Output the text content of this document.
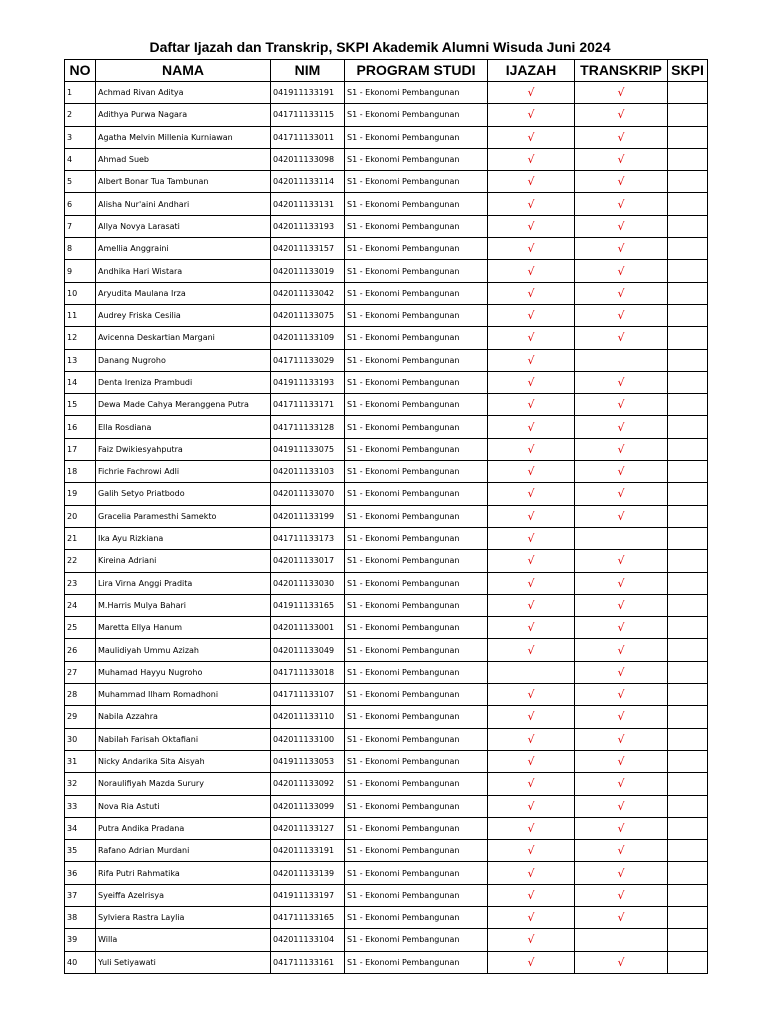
Daftar Ijazah dan Transkrip, SKPI Akademik Alumni Wisuda Juni 2024
NO	NAMA	NIM	PROGRAM STUDI	IJAZAH	TRANSKRIP	SKPI
1	Achmad Rivan Aditya	041911133191	S1 - Ekonomi Pembangunan	√	√	
2	Adithya Purwa Nagara	041711133115	S1 - Ekonomi Pembangunan	√	√	
3	Agatha Melvin Millenia Kurniawan	041711133011	S1 - Ekonomi Pembangunan	√	√	
4	Ahmad Sueb	042011133098	S1 - Ekonomi Pembangunan	√	√	
5	Albert Bonar Tua Tambunan	042011133114	S1 - Ekonomi Pembangunan	√	√	
6	Alisha Nur'aini Andhari	042011133131	S1 - Ekonomi Pembangunan	√	√	
7	Allya Novya Larasati	042011133193	S1 - Ekonomi Pembangunan	√	√	
8	Amellia Anggraini	042011133157	S1 - Ekonomi Pembangunan	√	√	
9	Andhika Hari Wistara	042011133019	S1 - Ekonomi Pembangunan	√	√	
10	Aryudita Maulana Irza	042011133042	S1 - Ekonomi Pembangunan	√	√	
11	Audrey Friska Cesilia	042011133075	S1 - Ekonomi Pembangunan	√	√	
12	Avicenna Deskartian Margani	042011133109	S1 - Ekonomi Pembangunan	√	√	
13	Danang Nugroho	041711133029	S1 - Ekonomi Pembangunan	√		
14	Denta Ireniza Prambudi	041911133193	S1 - Ekonomi Pembangunan	√	√	
15	Dewa Made Cahya Meranggena Putra	041711133171	S1 - Ekonomi Pembangunan	√	√	
16	Ella Rosdiana	041711133128	S1 - Ekonomi Pembangunan	√	√	
17	Faiz Dwikiesyahputra	041911133075	S1 - Ekonomi Pembangunan	√	√	
18	Fichrie Fachrowi Adli	042011133103	S1 - Ekonomi Pembangunan	√	√	
19	Galih Setyo Priatbodo	042011133070	S1 - Ekonomi Pembangunan	√	√	
20	Gracelia Paramesthi Samekto	042011133199	S1 - Ekonomi Pembangunan	√	√	
21	Ika Ayu Rizkiana	041711133173	S1 - Ekonomi Pembangunan	√		
22	Kireina Adriani	042011133017	S1 - Ekonomi Pembangunan	√	√	
23	Lira Virna Anggi Pradita	042011133030	S1 - Ekonomi Pembangunan	√	√	
24	M.Harris Mulya Bahari	041911133165	S1 - Ekonomi Pembangunan	√	√	
25	Maretta Ellya Hanum	042011133001	S1 - Ekonomi Pembangunan	√	√	
26	Maulidiyah Ummu Azizah	042011133049	S1 - Ekonomi Pembangunan	√	√	
27	Muhamad Hayyu Nugroho	041711133018	S1 - Ekonomi Pembangunan		√	
28	Muhammad Ilham Romadhoni	041711133107	S1 - Ekonomi Pembangunan	√	√	
29	Nabila Azzahra	042011133110	S1 - Ekonomi Pembangunan	√	√	
30	Nabilah Farisah Oktafiani	042011133100	S1 - Ekonomi Pembangunan	√	√	
31	Nicky Andarika Sita Aisyah	041911133053	S1 - Ekonomi Pembangunan	√	√	
32	Noraulifiyah Mazda Surury	042011133092	S1 - Ekonomi Pembangunan	√	√	
33	Nova Ria Astuti	042011133099	S1 - Ekonomi Pembangunan	√	√	
34	Putra Andika Pradana	042011133127	S1 - Ekonomi Pembangunan	√	√	
35	Rafano Adrian Murdani	042011133191	S1 - Ekonomi Pembangunan	√	√	
36	Rifa Putri Rahmatika	042011133139	S1 - Ekonomi Pembangunan	√	√	
37	Syeiffa Azelrisya	041911133197	S1 - Ekonomi Pembangunan	√	√	
38	Sylviera Rastra Laylia	041711133165	S1 - Ekonomi Pembangunan	√	√	
39	Willa	042011133104	S1 - Ekonomi Pembangunan	√		
40	Yuli Setiyawati	041711133161	S1 - Ekonomi Pembangunan	√	√	
